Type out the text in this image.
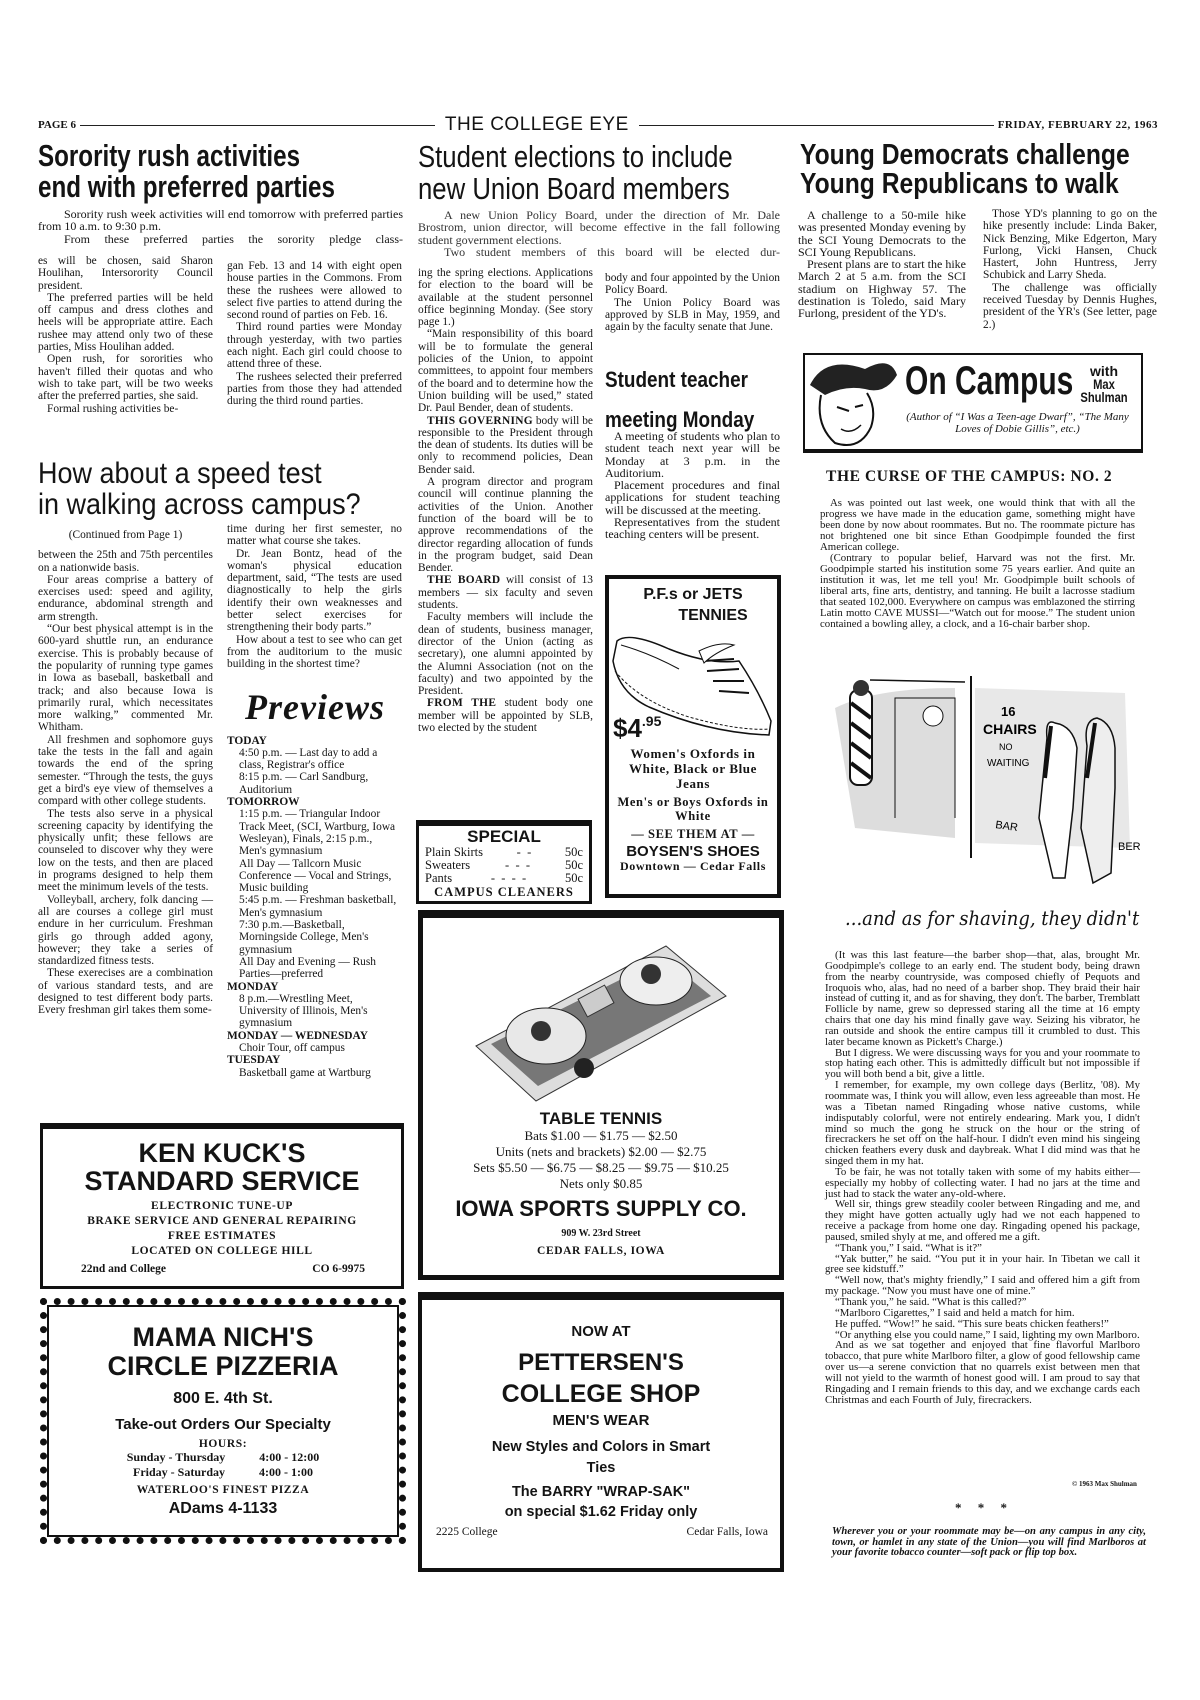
PAGE 6	THE COLLEGE EYE	FRIDAY, FEBRUARY 22, 1963
Sorority rush activities
end with preferred parties

Sorority rush week activities will end tomorrow with preferred parties from 10 a.m. to 9:30 p.m.

From these preferred parties the sorority pledge class-

es will be chosen, said Sharon Houlihan, Intersorority Council president.

The preferred parties will be held off campus and dress clothes and heels will be appropriate attire. Each rushee may attend only two of these parties, Miss Houlihan added.

Open rush, for sororities who haven't filled their quotas and who wish to take part, will be two weeks after the preferred parties, she said.

Formal rushing activities be-

gan Feb. 13 and 14 with eight open house parties in the Commons. From these the rushees were allowed to select five parties to attend during the second round of parties on Feb. 16.

Third round parties were Monday through yesterday, with two parties each night. Each girl could choose to attend three of these.

The rushees selected their preferred parties from those they had attended during the third round parties.

How about a speed test
in walking across campus?
(Continued from Page 1)

between the 25th and 75th percentiles on a nationwide basis.

Four areas comprise a battery of exercises used: speed and agility, endurance, abdominal strength and arm strength.

“Our best physical attempt is in the 600-yard shuttle run, an endurance exercise. This is probably because of the popularity of running type games in Iowa as baseball, basketball and track; and also because Iowa is primarily rural, which necessitates more walking,” commented Mr. Whitham.

All freshmen and sophomore guys take the tests in the fall and again towards the end of the spring semester. “Through the tests, the guys get a bird's eye view of themselves a compard with other college students.

The tests also serve in a physical screening capacity by identifying the physically unfit; these fellows are counseled to discover why they were low on the tests, and then are placed in programs designed to help them meet the minimum levels of the tests.

Volleyball, archery, folk dancing — all are courses a college girl must endure in her curriculum. Freshman girls go through added agony, however; they take a series of standardized fitness tests.

These exerecises are a combination of various standard tests, and are designed to test different body parts. Every freshman girl takes them some-

time during her first semester, no matter what course she takes.

Dr. Jean Bontz, head of the woman's physical education department, said, “The tests are used diagnostically to help the girls identify their own weaknesses and better select exercises for strengthening their body parts.”

How about a test to see who can get from the auditorium to the music building in the shortest time?

Previews
TODAY
4:50 p.m. — Last day to add a class, Registrar's office
8:15 p.m. — Carl Sandburg, Auditorium
TOMORROW
1:15 p.m. — Triangular Indoor Track Meet, (SCI, Wartburg, Iowa Wesleyan), Finals, 2:15 p.m., Men's gymnasium
All Day — Tallcorn Music Conference — Vocal and Strings, Music building
5:45 p.m. — Freshman basketball, Men's gymnasium
7:30 p.m.—Basketball, Morningside College, Men's gymnasium
All Day and Evening — Rush Parties—preferred
MONDAY
8 p.m.—Wrestling Meet, University of Illinois, Men's gymnasium
MONDAY — WEDNESDAY
Choir Tour, off campus
TUESDAY
Basketball game at Wartburg
KEN KUCK'S
STANDARD SERVICE
ELECTRONIC TUNE-UP
BRAKE SERVICE AND GENERAL REPAIRING
FREE ESTIMATES
LOCATED ON COLLEGE HILL
22nd and College	CO 6-9975
MAMA NICH'S
CIRCLE PIZZERIA
800 E. 4th St.
Take-out Orders Our Specialty
HOURS:
Sunday - Thursday	4:00 - 12:00
Friday - Saturday	4:00 - 1:00
WATERLOO'S FINEST PIZZA
ADams 4-1133
Student elections to include
new Union Board members

A new Union Policy Board, under the direction of Mr. Dale Brostrom, union director, will become effective in the fall following student government elections.

Two student members of this board will be elected dur-

ing the spring elections. Applications for election to the board will be available at the student personnel office beginning Monday. (See story page 1.)

“Main responsibility of this board will be to formulate the general policies of the Union, to appoint committees, to appoint four members of the board and to determine how the Union building will be used,” stated Dr. Paul Bender, dean of students.

THIS GOVERNING body will be responsible to the President through the dean of students. Its duties will be only to recommend policies, Dean Bender said.

A program director and program council will continue planning the activities of the Union. Another function of the board will be to approve recommendations of the director regarding allocation of funds in the program budget, said Dean Bender.

THE BOARD will consist of 13 members — six faculty and seven students.

Faculty members will include the dean of students, business manager, director of the Union (acting as secretary), one alumni appointed by the Alumni Association (not on the faculty) and two appointed by the President.

FROM THE student body one member will be appointed by SLB, two elected by the student

body and four appointed by the Union Policy Board.

The Union Policy Board was approved by SLB in May, 1959, and again by the faculty senate that June.

Student teacher
meeting Monday

A meeting of students who plan to student teach next year will be Monday at 3 p.m. in the Auditorium.

Placement procedures and final applications for student teaching will be discussed at the meeting.

Representatives from the student teaching centers will be present.

SPECIAL
Plain Skirts	-  -	50c
Sweaters	-  -  -	50c
Pants	-  -  -  -	50c
CAMPUS CLEANERS
P.F.s or JETS
TENNIES
$4.95
Women's Oxfords in White, Black or Blue Jeans
Men's or Boys Oxfords in White
— SEE THEM AT —
BOYSEN'S SHOES
Downtown — Cedar Falls
TABLE TENNIS
Bats $1.00 — $1.75 — $2.50
Units (nets and brackets) $2.00 — $2.75
Sets $5.50 — $6.75 — $8.25 — $9.75 — $10.25
Nets only $0.85
IOWA SPORTS SUPPLY CO.
909 W. 23rd Street
CEDAR FALLS, IOWA
NOW AT
PETTERSEN'S
COLLEGE SHOP
MEN'S WEAR
New Styles and Colors in Smart Ties
The BARRY "WRAP-SAK"
on special $1.62 Friday only
2225 College	Cedar Falls, Iowa
Young Democrats challenge
Young Republicans to walk

A challenge to a 50-mile hike was presented Monday evening by the SCI Young Democrats to the SCI Young Republicans.

Present plans are to start the hike March 2 at 5 a.m. from the SCI stadium on Highway 57. The destination is Toledo, said Mary Furlong, president of the YD's.

Those YD's planning to go on the hike presently include: Linda Baker, Nick Benzing, Mike Edgerton, Mary Furlong, Vicki Hansen, Chuck Hastert, John Huntress, Jerry Schubick and Larry Sheda.

The challenge was officially received Tuesday by Dennis Hughes, president of the YR's (See letter, page 2.)

On Campus	with
Max Shulman
(Author of “I Was a Teen-age Dwarf”, “The Many Loves of Dobie Gillis”, etc.)
THE CURSE OF THE CAMPUS: NO. 2

As was pointed out last week, one would think that with all the progress we have made in the education game, something might have been done by now about roommates. But no. The roommate picture has not brightened one bit since Ethan Goodpimple founded the first American college.

(Contrary to popular belief, Harvard was not the first. Mr. Goodpimple started his institution some 75 years earlier. And quite an institution it was, let me tell you! Mr. Goodpimple built schools of liberal arts, fine arts, dentistry, and tanning. He built a lacrosse stadium that seated 102,000. Everywhere on campus was emblazoned the stirring Latin motto CAVE MUSSI—“Watch out for moose.” The student union contained a bowling alley, a clock, and a 16-chair barber shop.

16
CHAIRS
NO
WAITING
BAR
BER
...and as for shaving, they didn't

(It was this last feature—the barber shop—that, alas, brought Mr. Goodpimple's college to an early end. The student body, being drawn from the nearby countryside, was composed chiefly of Pequots and Iroquois who, alas, had no need of a barber shop. They braid their hair instead of cutting it, and as for shaving, they don't. The barber, Tremblatt Follicle by name, grew so depressed staring all the time at 16 empty chairs that one day his mind finally gave way. Seizing his vibrator, he ran outside and shook the entire campus till it crumbled to dust. This later became known as Pickett's Charge.)

But I digress. We were discussing ways for you and your roommate to stop hating each other. This is admittedly difficult but not impossible if you will both bend a bit, give a little.

I remember, for example, my own college days (Berlitz, '08). My roommate was, I think you will allow, even less agreeable than most. He was a Tibetan named Ringading whose native customs, while indisputably colorful, were not entirely endearing. Mark you, I didn't mind so much the gong he struck on the hour or the string of firecrackers he set off on the half-hour. I didn't even mind his singeing chicken feathers every dusk and daybreak. What I did mind was that he singed them in my hat.

To be fair, he was not totally taken with some of my habits either—especially my hobby of collecting water. I had no jars at the time and just had to stack the water any-old-where.

Well sir, things grew steadily cooler between Ringading and me, and they might have gotten actually ugly had we not each happened to receive a package from home one day. Ringading opened his package, paused, smiled shyly at me, and offered me a gift.

“Thank you,” I said. “What is it?”

“Yak butter,” he said. “You put it in your hair. In Tibetan we call it gree see kidstuff.”

“Well now, that's mighty friendly,” I said and offered him a gift from my package. “Now you must have one of mine.”

“Thank you,” he said. “What is this called?”

“Marlboro Cigarettes,” I said and held a match for him.

He puffed. “Wow!” he said. “This sure beats chicken feathers!”

“Or anything else you could name,” I said, lighting my own Marlboro.

And as we sat together and enjoyed that fine flavorful Marlboro tobacco, that pure white Marlboro filter, a glow of good fellowship came over us—a serene conviction that no quarrels exist between men that will not yield to the warmth of honest good will. I am proud to say that Ringading and I remain friends to this day, and we exchange cards each Christmas and each Fourth of July, firecrackers.

© 1963 Max Shulman
*     *     *
Wherever you or your roommate may be—on any campus in any city, town, or hamlet in any state of the Union—you will find Marlboros at your favorite tobacco counter—soft pack or flip top box.
